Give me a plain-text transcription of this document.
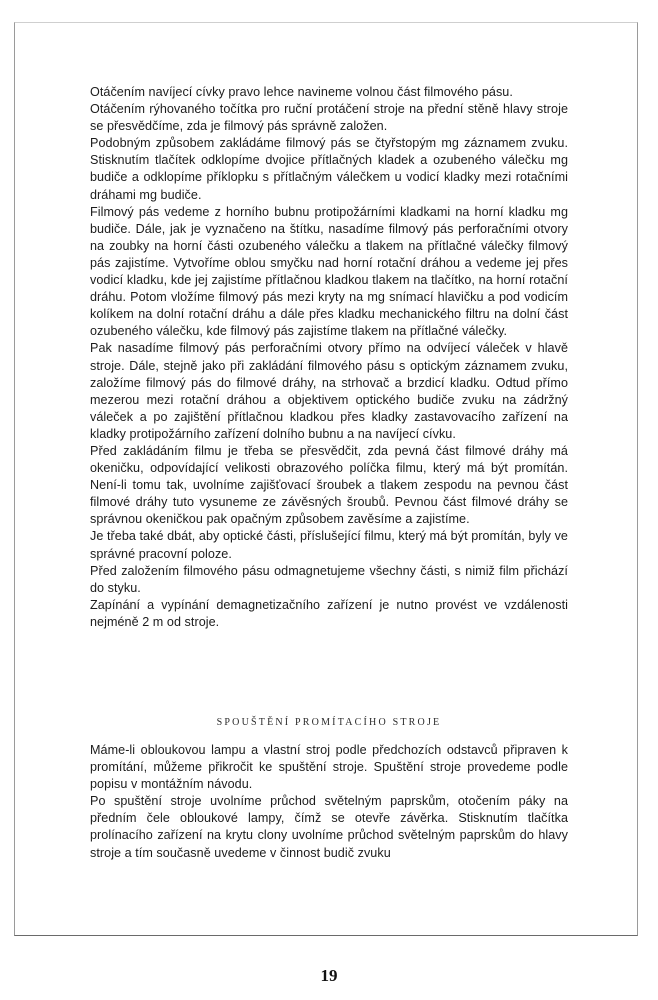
Otáčením navíjecí cívky pravo lehce navineme volnou část filmového pásu.

Otáčením rýhovaného točítka pro ruční protáčení stroje na přední stěně hlavy stroje se přesvědčíme, zda je filmový pás správně založen.

Podobným způsobem zakládáme filmový pás se čtyřstopým mg záznamem zvuku. Stisknutím tlačítek odklopíme dvojice přítlačných kladek a ozubeného válečku mg budiče a odklopíme příklopku s přítlačným válečkem u vodicí kladky mezi rotačními dráhami mg budiče.

Filmový pás vedeme z horního bubnu protipožárními kladkami na horní kladku mg budiče. Dále, jak je vyznačeno na štítku, nasadíme filmový pás perforačními otvory na zoubky na horní části ozubeného válečku a tlakem na přítlačné válečky filmový pás zajistíme. Vytvoříme oblou smyčku nad horní rotační dráhou a vedeme jej přes vodicí kladku, kde jej zajistíme přítlačnou kladkou tlakem na tlačítko, na horní rotační dráhu. Potom vložíme filmový pás mezi kryty na mg snímací hlavičku a pod vodicím kolíkem na dolní rotační dráhu a dále přes kladku mechanického filtru na dolní část ozubeného válečku, kde filmový pás zajistíme tlakem na přítlačné válečky.

Pak nasadíme filmový pás perforačními otvory přímo na odvíjecí váleček v hlavě stroje. Dále, stejně jako při zakládání filmového pásu s optickým záznamem zvuku, založíme filmový pás do filmové dráhy, na strhovač a brzdicí kladku. Odtud přímo mezerou mezi rotační dráhou a objektivem optického budiče zvuku na zádržný váleček a po zajištění přítlačnou kladkou přes kladky zastavovacího zařízení na kladky protipožárního zařízení dolního bubnu a na navíjecí cívku.

Před zakládáním filmu je třeba se přesvědčit, zda pevná část filmové dráhy má okeničku, odpovídající velikosti obrazového políčka filmu, který má být promítán. Není-li tomu tak, uvolníme zajišťovací šroubek a tlakem zespodu na pevnou část filmové dráhy tuto vysuneme ze závěsných šroubů. Pevnou část filmové dráhy se správnou okeničkou pak opačným způsobem zavěsíme a zajistíme.

Je třeba také dbát, aby optické části, příslušející filmu, který má být promítán, byly ve správné pracovní poloze.

Před založením filmového pásu odmagnetujeme všechny části, s nimiž film přichází do styku.

Zapínání a vypínání demagnetizačního zařízení je nutno provést ve vzdálenosti nejméně 2 m od stroje.

SPOUŠTĚNÍ PROMÍTACÍHO STROJE

Máme-li obloukovou lampu a vlastní stroj podle předchozích odstavců připraven k promítání, můžeme přikročit ke spuštění stroje. Spuštění stroje provedeme podle popisu v montážním návodu.

Po spuštění stroje uvolníme průchod světelným paprskům, otočením páky na předním čele obloukové lampy, čímž se otevře závěrka. Stisknutím tlačítka prolínacího zařízení na krytu clony uvolníme průchod světelným paprskům do hlavy stroje a tím současně uvedeme v činnost budič zvuku

19
